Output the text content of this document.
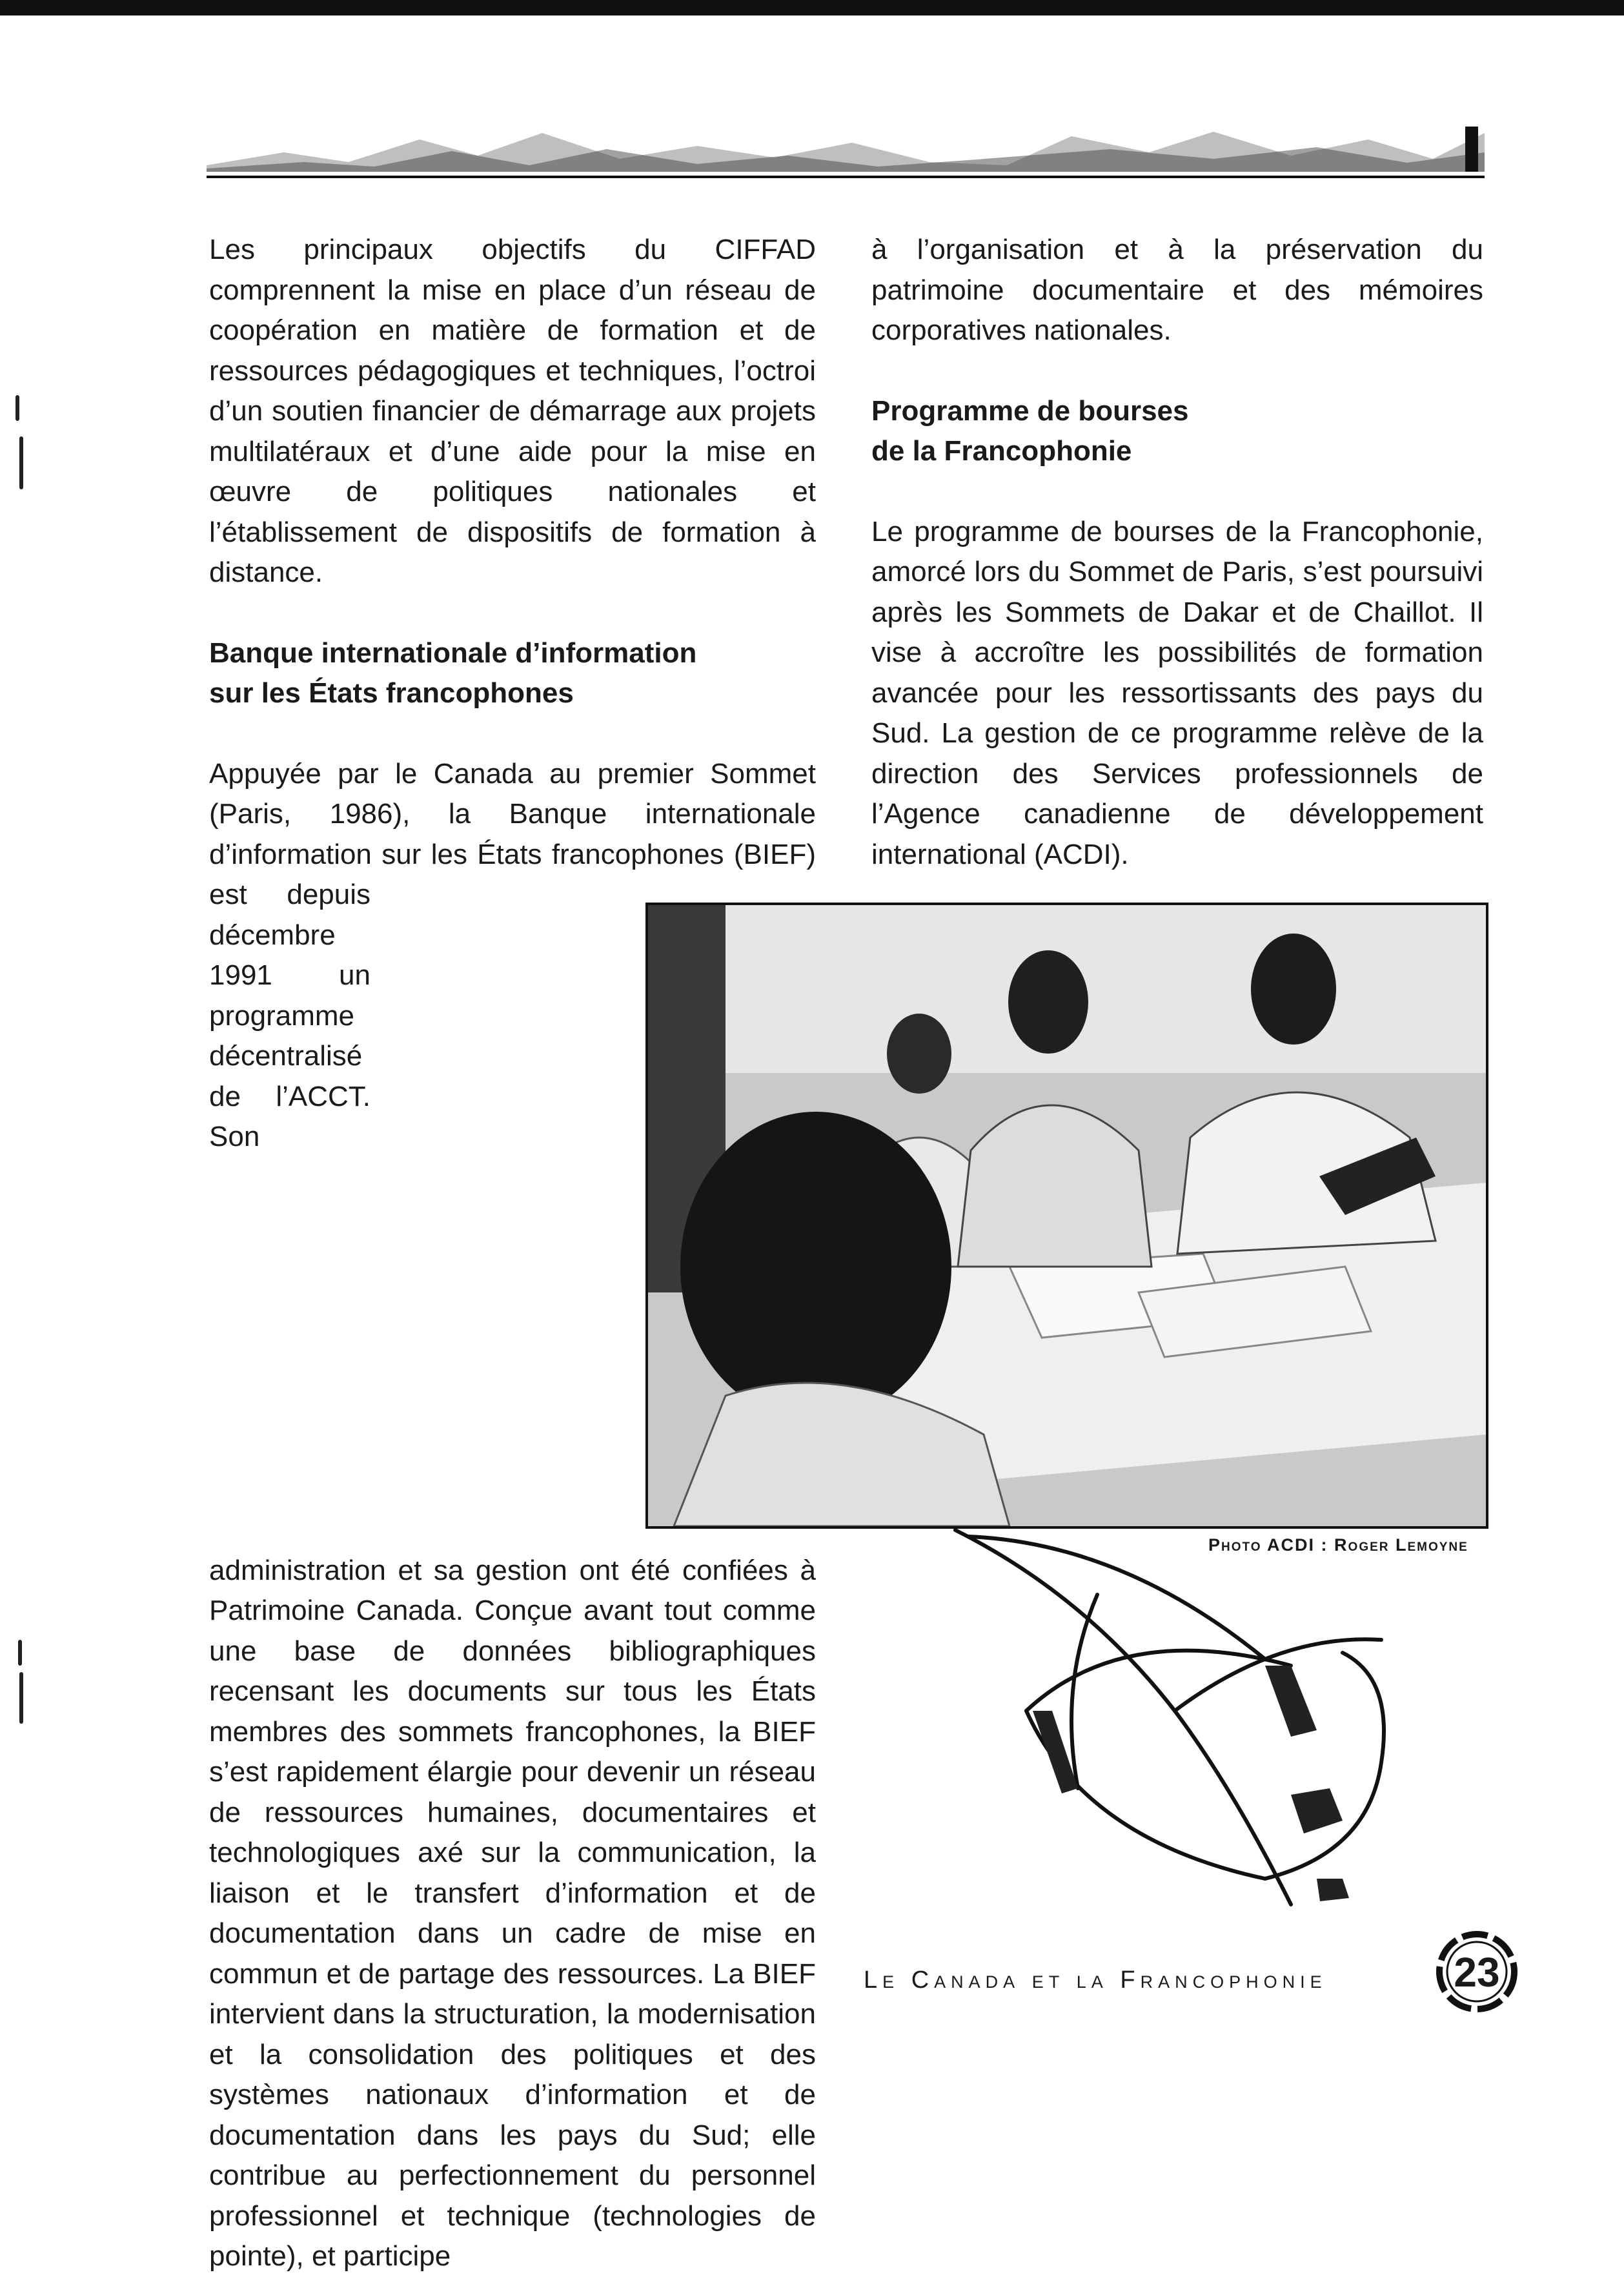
Les principaux objectifs du CIFFAD comprennent la mise en place d’un réseau de coopération en matière de formation et de ressources pédagogiques et techniques, l’octroi d’un soutien financier de démarrage aux projets multilatéraux et d’une aide pour la mise en œuvre de politiques nationales et l’établissement de dispositifs de formation à distance.

Banque internationale d’information
sur les États francophones
Appuyée par le Canada au premier Sommet (Paris, 1986), la Banque internationale d’information sur les États francophones (BIEF) est depuis décembre 1991 un programme décentralisé de l’ACCT. Son administration et sa gestion ont été confiées à Patrimoine Canada. Conçue avant tout comme une base de données bibliographiques recensant les documents sur tous les États membres des sommets francophones, la BIEF s’est rapidement élargie pour devenir un réseau de ressources humaines, documentaires et technologiques axé sur la communication, la liaison et le transfert d’information et de documentation dans un cadre de mise en commun et de partage des ressources. La BIEF intervient dans la structuration, la modernisation et la consolidation des politiques et des systèmes nationaux d’information et de documentation dans les pays du Sud; elle contribue au perfectionnement du personnel professionnel et technique (technologies de pointe), et participe

à l’organisation et à la préservation du patrimoine documentaire et des mémoires corporatives nationales.

Programme de bourses
de la Francophonie

Le programme de bourses de la Francophonie, amorcé lors du Sommet de Paris, s’est poursuivi après les Sommets de Dakar et de Chaillot. Il vise à accroître les possibilités de formation avancée pour les ressortissants des pays du Sud. La gestion de ce programme relève de la direction des Services professionnels de l’Agence canadienne de développement international (ACDI).

Photo ACDI : Roger Lemoyne
Le Canada et la Francophonie	23
